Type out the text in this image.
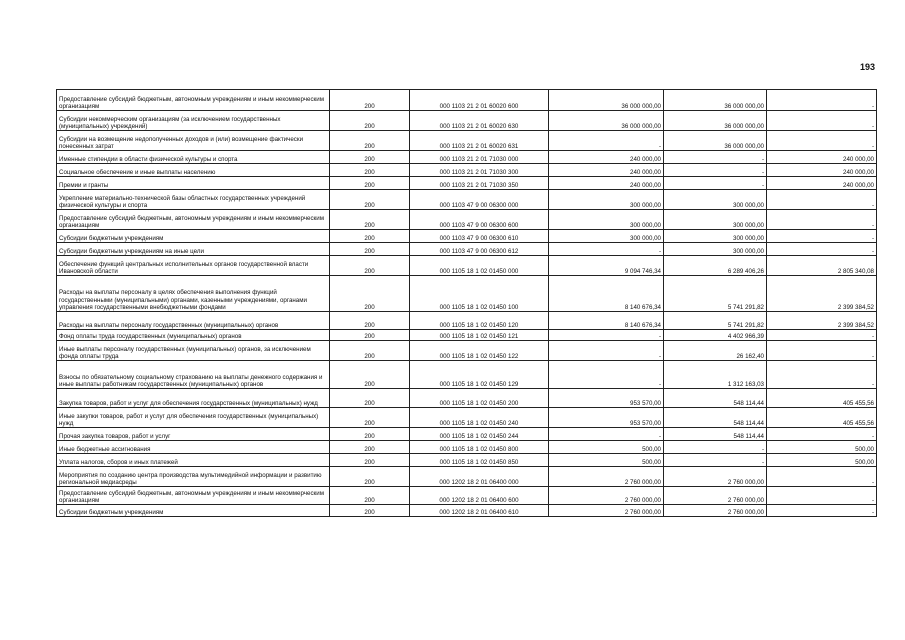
193
Предоставление субсидий бюджетным, автономным учреждениям и иным некоммерческим организациям	200	000 1103 21 2 01 60020 600	36 000 000,00	36 000 000,00	-
Субсидии некоммерческим организациям (за исключением государственных (муниципальных) учреждений)	200	000 1103 21 2 01 60020 630	36 000 000,00	36 000 000,00	-
Субсидии на возмещение недополученных доходов и (или) возмещение фактически понесенных затрат	200	000 1103 21 2 01 60020 631	-	36 000 000,00	-
Именные стипендии в области физической культуры и спорта	200	000 1103 21 2 01 71030 000	240 000,00	-	240 000,00
Социальное обеспечение и иные выплаты населению	200	000 1103 21 2 01 71030 300	240 000,00	-	240 000,00
Премии и гранты	200	000 1103 21 2 01 71030 350	240 000,00	-	240 000,00
Укрепление материально-технической базы областных государственных учреждений физической культуры и спорта	200	000 1103 47 9 00 06300 000	300 000,00	300 000,00	-
Предоставление субсидий бюджетным, автономным учреждениям и иным некоммерческим организациям	200	000 1103 47 9 00 06300 600	300 000,00	300 000,00	-
Субсидии бюджетным учреждениям	200	000 1103 47 9 00 06300 610	300 000,00	300 000,00	-
Субсидии бюджетным учреждениям на иные цели	200	000 1103 47 9 00 06300 612	-	300 000,00	-
Обеспечение функций центральных исполнительных органов государственной власти Ивановской области	200	000 1105 18 1 02 01450 000	9 094 746,34	6 289 406,26	2 805 340,08
Расходы на выплаты персоналу в целях обеспечения выполнения функций государственными (муниципальными) органами, казенными учреждениями, органами управления государственными внебюджетными фондами	200	000 1105 18 1 02 01450 100	8 140 676,34	5 741 291,82	2 399 384,52
Расходы на выплаты персоналу государственных (муниципальных) органов	200	000 1105 18 1 02 01450 120	8 140 676,34	5 741 291,82	2 399 384,52
Фонд оплаты труда государственных (муниципальных) органов	200	000 1105 18 1 02 01450 121	-	4 402 966,39	-
Иные выплаты персоналу государственных (муниципальных) органов, за исключением фонда оплаты труда	200	000 1105 18 1 02 01450 122	-	26 162,40	-
Взносы по обязательному социальному страхованию на выплаты денежного содержания и иные выплаты работникам государственных (муниципальных) органов	200	000 1105 18 1 02 01450 129	-	1 312 163,03	-
Закупка товаров, работ и услуг для обеспечения государственных (муниципальных) нужд	200	000 1105 18 1 02 01450 200	953 570,00	548 114,44	405 455,56
Иные закупки товаров, работ и услуг для обеспечения государственных (муниципальных) нужд	200	000 1105 18 1 02 01450 240	953 570,00	548 114,44	405 455,56
Прочая закупка товаров, работ и услуг	200	000 1105 18 1 02 01450 244	-	548 114,44	-
Иные бюджетные ассигнования	200	000 1105 18 1 02 01450 800	500,00	-	500,00
Уплата налогов, сборов и иных платежей	200	000 1105 18 1 02 01450 850	500,00	-	500,00
Мероприятия по созданию центра производства мультимедийной информации и развитию региональной медиасреды	200	000 1202 18 2 01 06400 000	2 760 000,00	2 760 000,00	-
Предоставление субсидий бюджетным, автономным учреждениям и иным некоммерческим организациям	200	000 1202 18 2 01 06400 600	2 760 000,00	2 760 000,00	-
Субсидии бюджетным учреждениям	200	000 1202 18 2 01 06400 610	2 760 000,00	2 760 000,00	-
